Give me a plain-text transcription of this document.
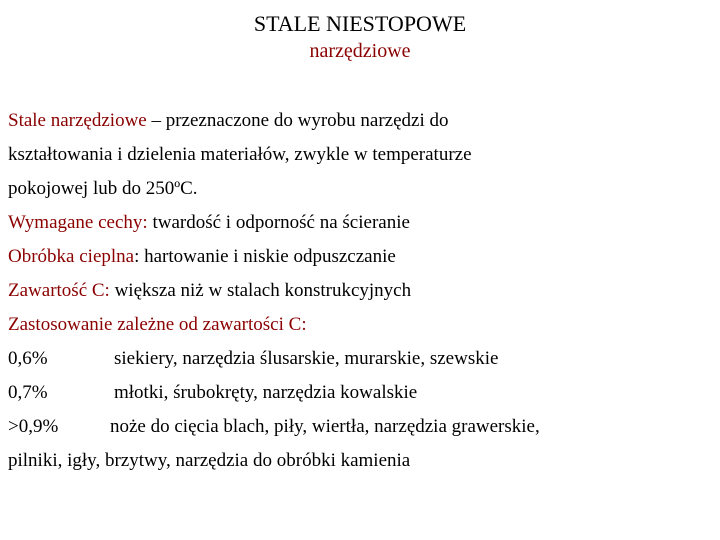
STALE NIESTOPOWE
narzędziowe

Stale narzędziowe – przeznaczone do wyrobu narzędzi do
kształtowania i dzielenia materiałów, zwykle w temperaturze
pokojowej lub do 250ºC.

Wymagane cechy: twardość i odporność na ścieranie

Obróbka cieplna: hartowanie i niskie odpuszczanie

Zawartość C: większa niż w stalach konstrukcyjnych

Zastosowanie zależne od zawartości C:

0,6%	siekiery, narzędzia ślusarskie, murarskie, szewskie

0,7%	młotki, śrubokręty, narzędzia kowalskie

>0,9%	noże do cięcia blach, piły, wiertła, narzędzia grawerskie,
pilniki, igły, brzytwy, narzędzia do obróbki kamienia
